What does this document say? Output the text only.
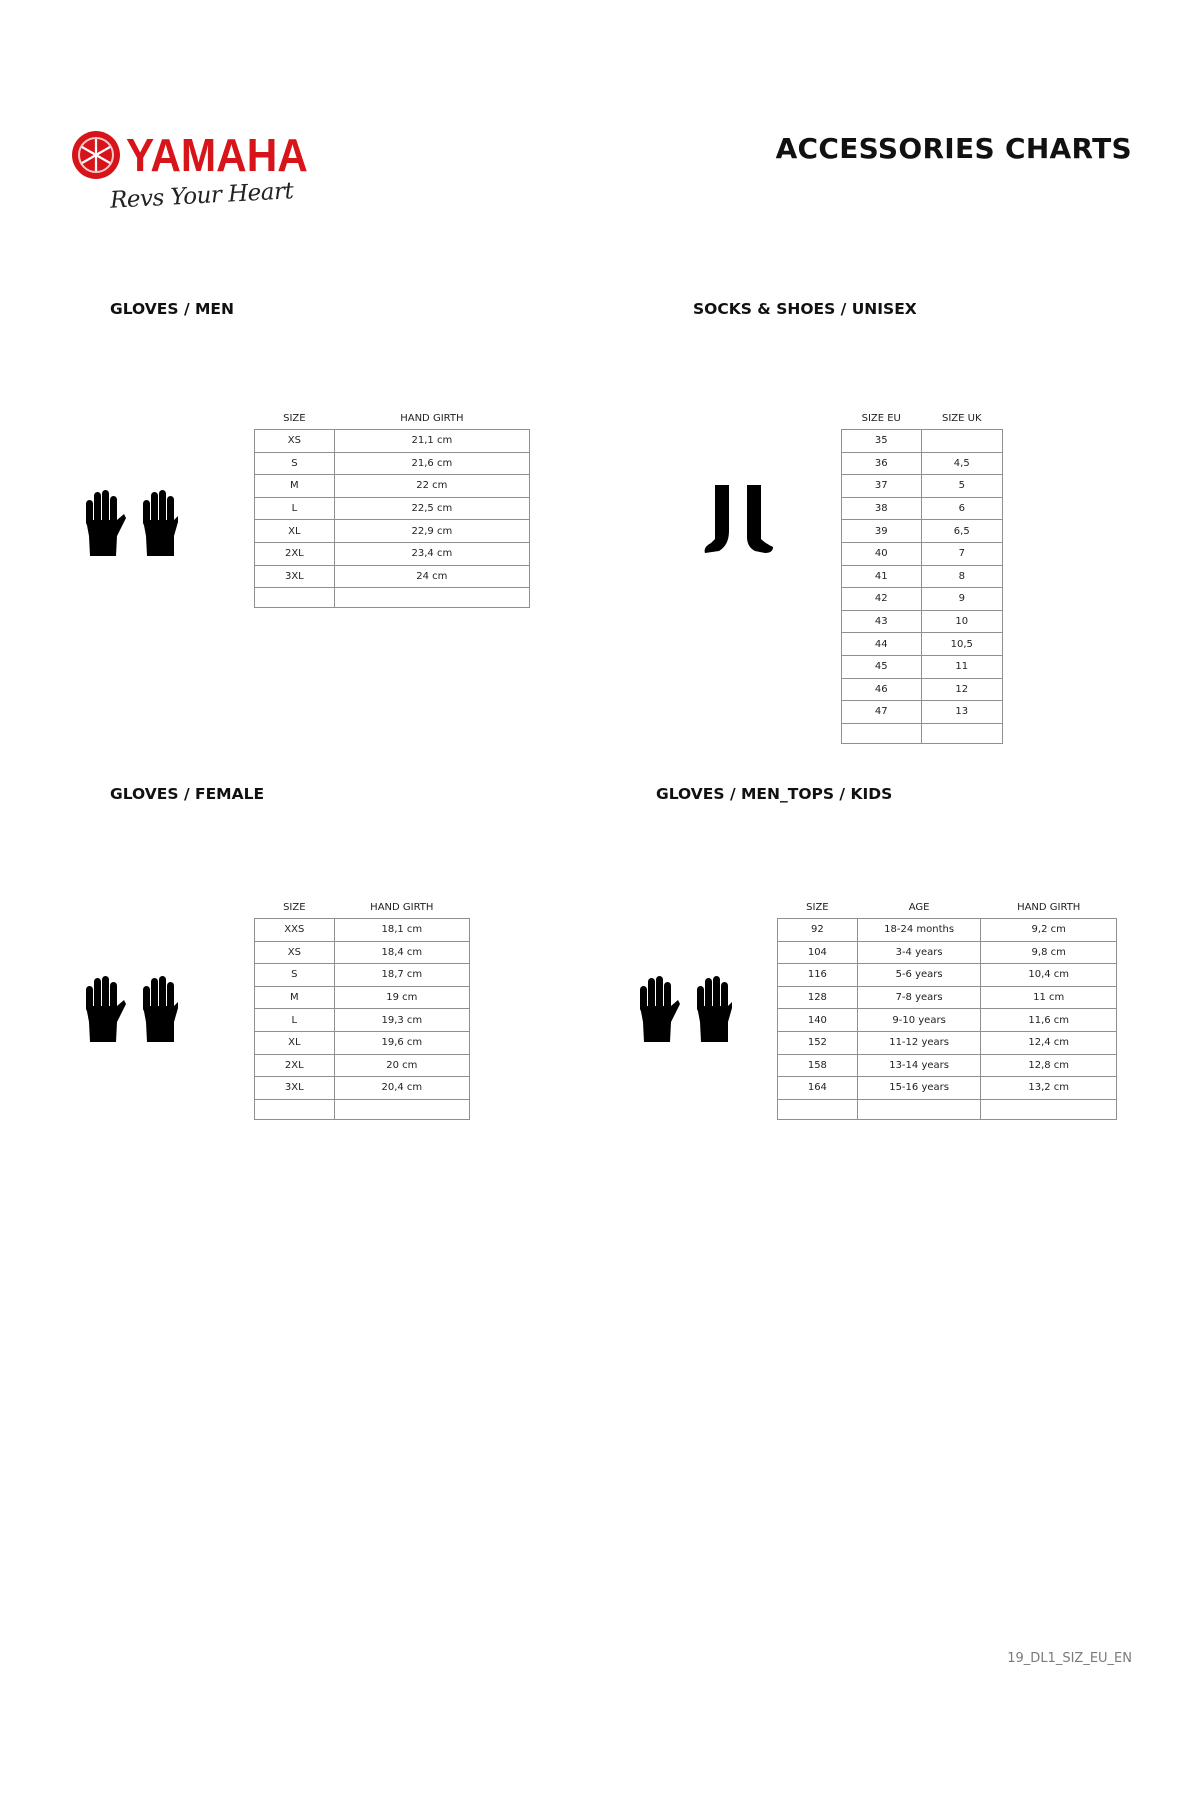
YAMAHA
Revs Your Heart
ACCESSORIES CHARTS
GLOVES / MEN	SOCKS & SHOES / UNISEX
GLOVES / FEMALE	GLOVES / MEN_TOPS / KIDS
SIZE	HAND GIRTH
XS	21,1 cm
S	21,6 cm
M	22 cm
L	22,5 cm
XL	22,9 cm
2XL	23,4 cm
3XL	24 cm

SIZE EU	SIZE UK
35	
36	4,5
37	5
38	6
39	6,5
40	7
41	8
42	9
43	10
44	10,5
45	11
46	12
47	13

SIZE	HAND GIRTH
XXS	18,1 cm
XS	18,4 cm
S	18,7 cm
M	19 cm
L	19,3 cm
XL	19,6 cm
2XL	20 cm
3XL	20,4 cm

SIZE	AGE	HAND GIRTH
92	18-24 months	9,2 cm
104	3-4 years	9,8 cm
116	5-6 years	10,4 cm
128	7-8 years	11 cm
140	9-10 years	11,6 cm
152	11-12 years	12,4 cm
158	13-14 years	12,8 cm
164	15-16 years	13,2 cm

19_DL1_SIZ_EU_EN
